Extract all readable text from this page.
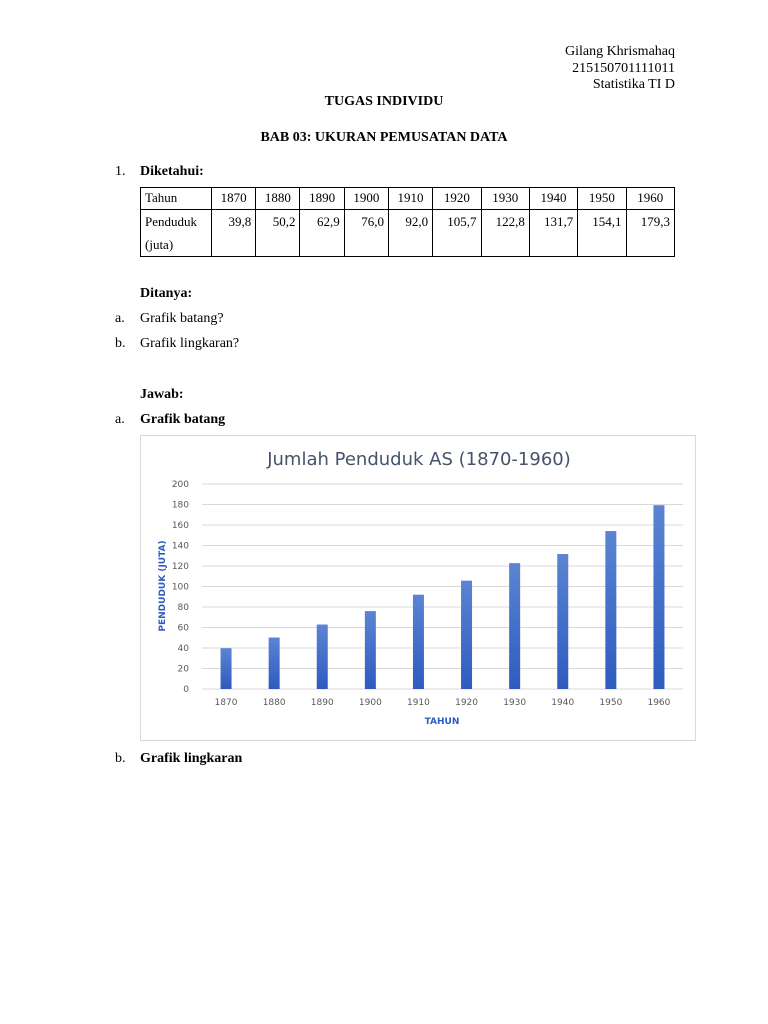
Gilang Khrismahaq
215150701111011
Statistika TI D
TUGAS INDIVIDU
BAB 03: UKURAN PEMUSATAN DATA
1. Diketahui:
Tahun	1870	1880	1890	1900	1910	1920	1930	1940	1950	1960
Penduduk (juta)	39,8	50,2	62,9	76,0	92,0	105,7	122,8	131,7	154,1	179,3
Ditanya:
a. Grafik batang?
b. Grafik lingkaran?
Jawab:
a. Grafik batang
Jumlah Penduduk AS (1870-1960)
PENDUDUK (JUTA)
TAHUN
0
20
40
60
80
100
120
140
160
180
200
1870	1880	1890	1900	1910	1920	1930	1940	1950	1960
b. Grafik lingkaran
